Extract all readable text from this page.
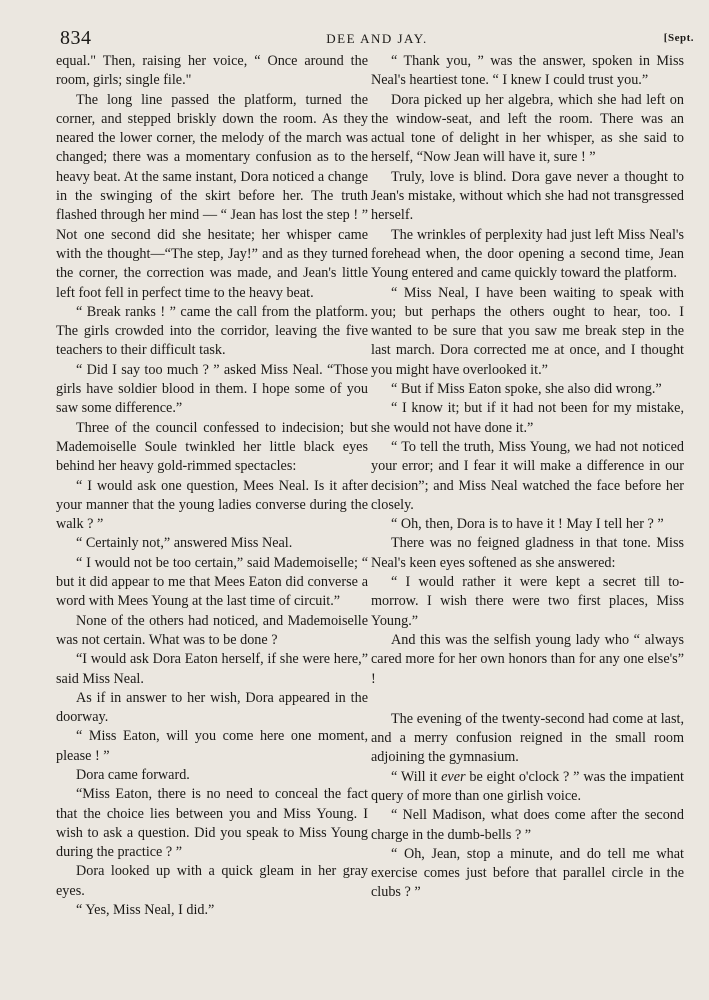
834	DEE AND JAY.	[Sept.

equal." Then, raising her voice, “ Once around the room, girls; single file."

The long line passed the platform, turned the corner, and stepped briskly down the room. As they neared the lower corner, the melody of the march was changed; there was a momentary confusion as to the heavy beat. At the same instant, Dora noticed a change in the swinging of the skirt before her. The truth flashed through her mind — “ Jean has lost the step ! ” Not one second did she hesitate; her whisper came with the thought—“The step, Jay!” and as they turned the corner, the correction was made, and Jean's little left foot fell in perfect time to the heavy beat.

“ Break ranks ! ” came the call from the platform. The girls crowded into the corridor, leaving the five teachers to their difficult task.

“ Did I say too much ? ” asked Miss Neal. “Those girls have soldier blood in them. I hope some of you saw some difference.”

Three of the council confessed to indecision; but Mademoiselle Soule twinkled her little black eyes behind her heavy gold-rimmed spectacles:

“ I would ask one question, Mees Neal. Is it after your manner that the young ladies converse during the walk ? ”

“ Certainly not,” answered Miss Neal.

“ I would not be too certain,” said Mademoiselle; “ but it did appear to me that Mees Eaton did converse a word with Mees Young at the last time of circuit.”

None of the others had noticed, and Mademoiselle was not certain. What was to be done ?

“I would ask Dora Eaton herself, if she were here,” said Miss Neal.

As if in answer to her wish, Dora appeared in the doorway.

“ Miss Eaton, will you come here one moment, please ! ”

Dora came forward.

“Miss Eaton, there is no need to conceal the fact that the choice lies between you and Miss Young. I wish to ask a question. Did you speak to Miss Young during the practice ? ”

Dora looked up with a quick gleam in her gray eyes.

“ Yes, Miss Neal, I did.”

“ Thank you, ” was the answer, spoken in Miss Neal's heartiest tone. “ I knew I could trust you.”

Dora picked up her algebra, which she had left on the window-seat, and left the room. There was an actual tone of delight in her whisper, as she said to herself, “Now Jean will have it, sure ! ”

Truly, love is blind. Dora gave never a thought to Jean's mistake, without which she had not transgressed herself.

The wrinkles of perplexity had just left Miss Neal's forehead when, the door opening a second time, Jean Young entered and came quickly toward the platform.

“ Miss Neal, I have been waiting to speak with you; but perhaps the others ought to hear, too. I wanted to be sure that you saw me break step in the last march. Dora corrected me at once, and I thought you might have overlooked it.”

“ But if Miss Eaton spoke, she also did wrong.”

“ I know it; but if it had not been for my mistake, she would not have done it.”

“ To tell the truth, Miss Young, we had not noticed your error; and I fear it will make a difference in our decision”; and Miss Neal watched the face before her closely.

“ Oh, then, Dora is to have it ! May I tell her ? ”

There was no feigned gladness in that tone. Miss Neal's keen eyes softened as she answered:

“ I would rather it were kept a secret till to-morrow. I wish there were two first places, Miss Young.”

And this was the selfish young lady who “ always cared more for her own honors than for any one else's” !

The evening of the twenty-second had come at last, and a merry confusion reigned in the small room adjoining the gymnasium.

“ Will it ever be eight o'clock ? ” was the impatient query of more than one girlish voice.

“ Nell Madison, what does come after the second charge in the dumb-bells ? ”

“ Oh, Jean, stop a minute, and do tell me what exercise comes just before that parallel circle in the clubs ? ”
